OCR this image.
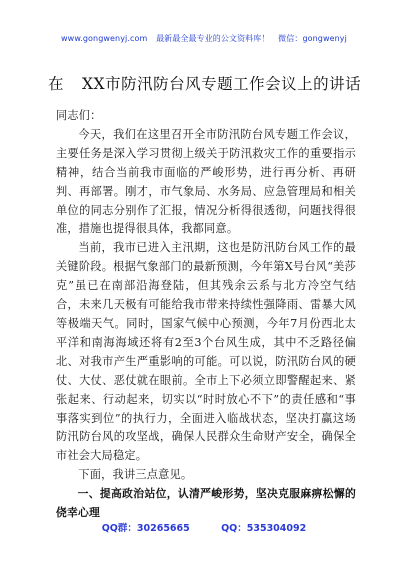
www.gongwenyj.com 最新最全最专业的公文资料库！ 微信：gongwenyj
在 XX市防汛防台风专题工作会议上的讲话

同志们：

今天，我们在这里召开全市防汛防台风专题工作会议，主要任务是深入学习贯彻上级关于防汛救灾工作的重要指示精神，结合当前我市面临的严峻形势，进行再分析、再研判、再部署。刚才，市气象局、水务局、应急管理局和相关单位的同志分别作了汇报，情况分析得很透彻，问题找得很准，措施也提得很具体，我都同意。

当前，我市已进入主汛期，这也是防汛防台风工作的最关键阶段。根据气象部门的最新预测，今年第X号台风“美莎克”虽已在南部沿海登陆，但其残余云系与北方冷空气结合，未来几天极有可能给我市带来持续性强降雨、雷暴大风等极端天气。同时，国家气候中心预测，今年7月份西北太平洋和南海海域还将有2至3个台风生成，其中不乏路径偏北、对我市产生严重影响的可能。可以说，防汛防台风的硬仗、大仗、恶仗就在眼前。全市上下必须立即警醒起来、紧张起来、行动起来，切实以“时时放心不下”的责任感和“事事落实到位”的执行力，全面进入临战状态，坚决打赢这场防汛防台风的攻坚战，确保人民群众生命财产安全，确保全市社会大局稳定。

下面，我讲三点意见。

一、提高政治站位，认清严峻形势，坚决克服麻痹松懈的侥幸心理

QQ群：30265665	QQ：535304092
